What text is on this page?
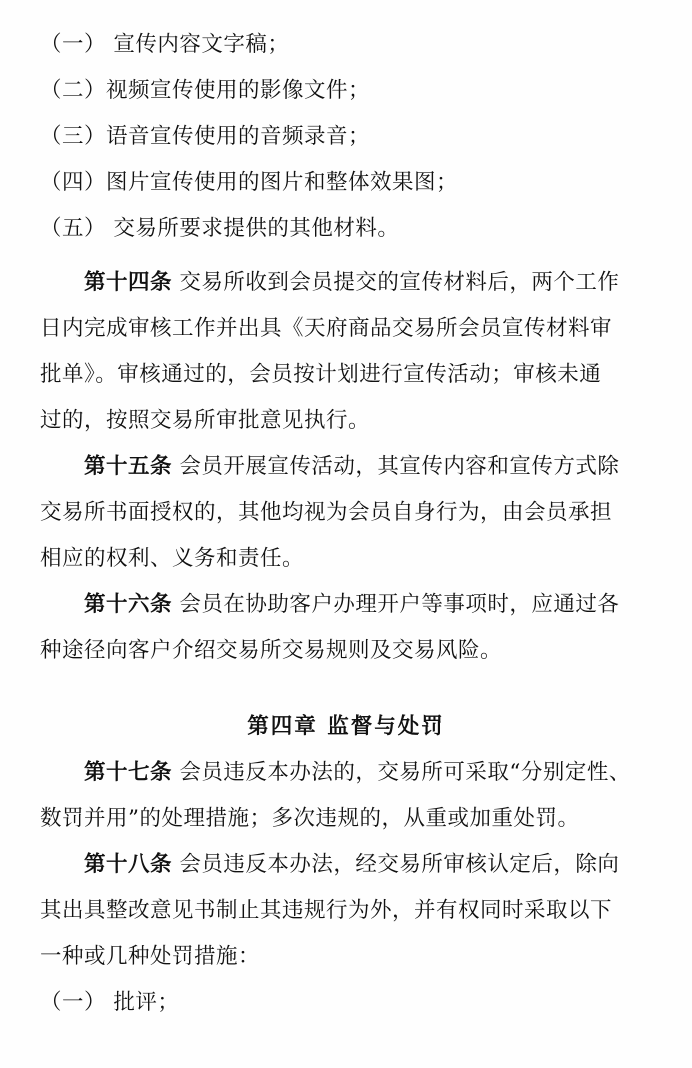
（一） 宣传内容文字稿；
（二）视频宣传使用的影像文件；
（三）语音宣传使用的音频录音；
（四）图片宣传使用的图片和整体效果图；
（五） 交易所要求提供的其他材料。
第十四条 交易所收到会员提交的宣传材料后，两个工作
日内完成审核工作并出具《天府商品交易所会员宣传材料审
批单》。审核通过的，会员按计划进行宣传活动；审核未通
过的，按照交易所审批意见执行。
第十五条 会员开展宣传活动，其宣传内容和宣传方式除
交易所书面授权的，其他均视为会员自身行为，由会员承担
相应的权利、义务和责任。
第十六条 会员在协助客户办理开户等事项时，应通过各
种途径向客户介绍交易所交易规则及交易风险。
第四章 监督与处罚
第十七条 会员违反本办法的，交易所可采取“分别定性、
数罚并用”的处理措施；多次违规的，从重或加重处罚。
第十八条 会员违反本办法，经交易所审核认定后，除向
其出具整改意见书制止其违规行为外，并有权同时采取以下
一种或几种处罚措施：
（一） 批评；
